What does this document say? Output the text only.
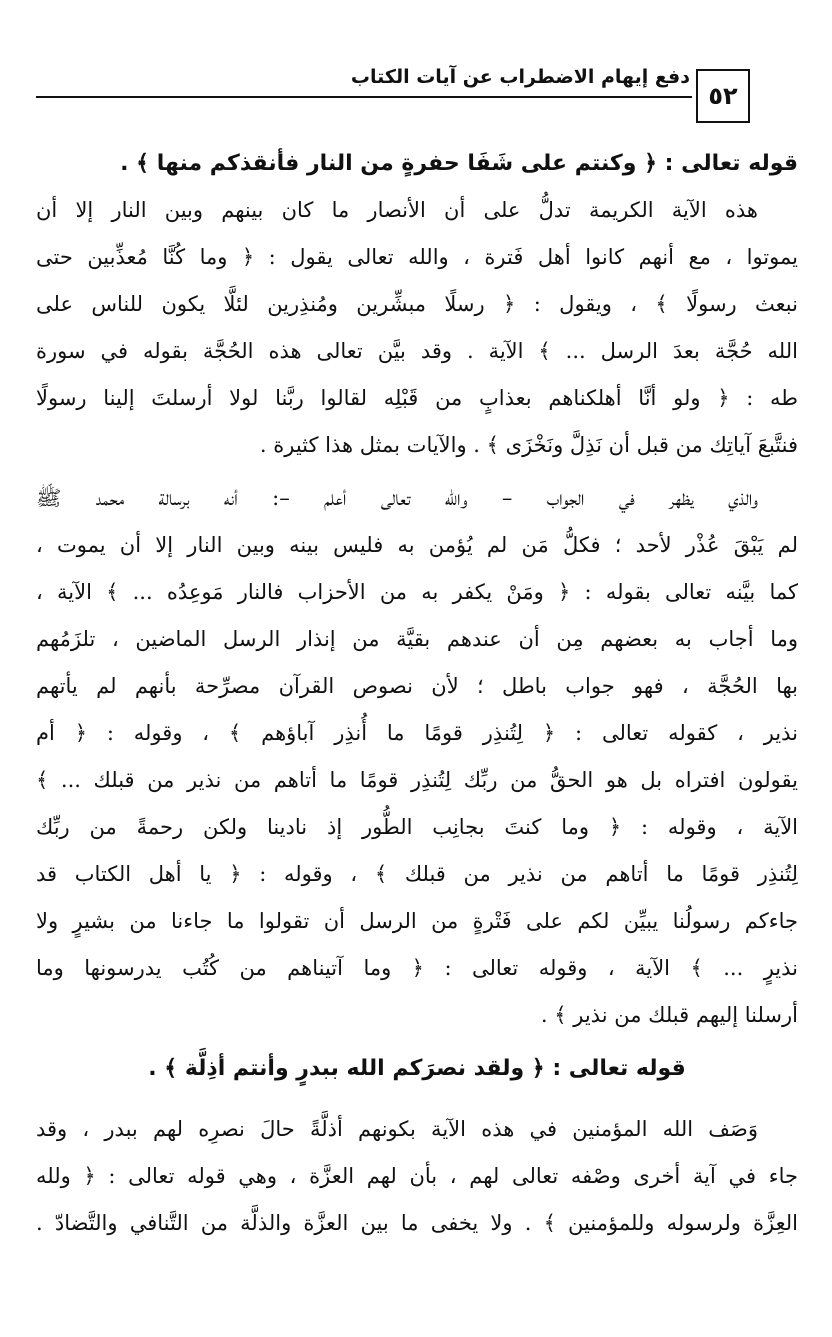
دفع إيهام الاضطراب عن آيات الكتاب
٥٢
قوله تعالى : ﴿ وكنتم على شَفَا حفرةٍ من النار فأنقذكم منها ﴾ .
هذه الآية الكريمة تدلُّ على أن الأنصار ما كان بينهم وبين النار إلا أن
يموتوا ، مع أنهم كانوا أهل فَترة ، والله تعالى يقول : ﴿ وما كُنَّا مُعذِّبين حتى
نبعث رسولًا ﴾ ، ويقول : ﴿ رسلًا مبشِّرين ومُنذِرين لئلَّا يكون للناس على
الله حُجَّة بعدَ الرسل ... ﴾ الآية . وقد بيَّن تعالى هذه الحُجَّة بقوله في سورة
طه : ﴿ ولو أنَّا أهلكناهم بعذابٍ من قَبْلِه لقالوا ربَّنا لولا أرسلتَ إلينا رسولًا
فنتَّبعَ آياتِك من قبل أن نَذِلَّ ونَخْزَى ﴾ . والآيات بمثل هذا كثيرة .
والذي يظهر في الجواب – والله تعالى أعلم –: أنه برسالة محمد ﷺ
لم يَبْقَ عُذْر لأحد ؛ فكلُّ مَن لم يُؤمن به فليس بينه وبين النار إلا أن يموت ،
كما بيَّنه تعالى بقوله : ﴿ ومَنْ يكفر به من الأحزاب فالنار مَوعِدُه ... ﴾ الآية ،
وما أجاب به بعضهم مِن أن عندهم بقيَّة من إنذار الرسل الماضين ، تلزَمُهم
بها الحُجَّة ، فهو جواب باطل ؛ لأن نصوص القرآن مصرِّحة بأنهم لم يأتهم
نذير ، كقوله تعالى : ﴿ لِتُنذِر قومًا ما أُنذِر آباؤهم ﴾ ، وقوله : ﴿ أم
يقولون افتراه بل هو الحقُّ من ربِّك لِتُنذِر قومًا ما أتاهم من نذير من قبلك ... ﴾
الآية ، وقوله : ﴿ وما كنتَ بجانِب الطُّور إذ نادينا ولكن رحمةً من ربِّك
لِتُنذِر قومًا ما أتاهم من نذير من قبلك ﴾ ، وقوله : ﴿ يا أهل الكتاب قد
جاءكم رسولُنا يبيِّن لكم على فَتْرةٍ من الرسل أن تقولوا ما جاءنا من بشيرٍ ولا
نذيرٍ ... ﴾ الآية ، وقوله تعالى : ﴿ وما آتيناهم من كُتُب يدرسونها وما
أرسلنا إليهم قبلك من نذير ﴾ .
قوله تعالى : ﴿ ولقد نصرَكم الله ببدرٍ وأنتم أذِلَّة ﴾ .
وَصَف الله المؤمنين في هذه الآية بكونهم أذلَّةً حالَ نصرِه لهم ببدر ، وقد
جاء في آية أخرى وصْفه تعالى لهم ، بأن لهم العزَّة ، وهي قوله تعالى : ﴿ ولله
العِزَّة ولرسوله وللمؤمنين ﴾ . ولا يخفى ما بين العزَّة والذلَّة من التَّنافي والتَّضادّ .
